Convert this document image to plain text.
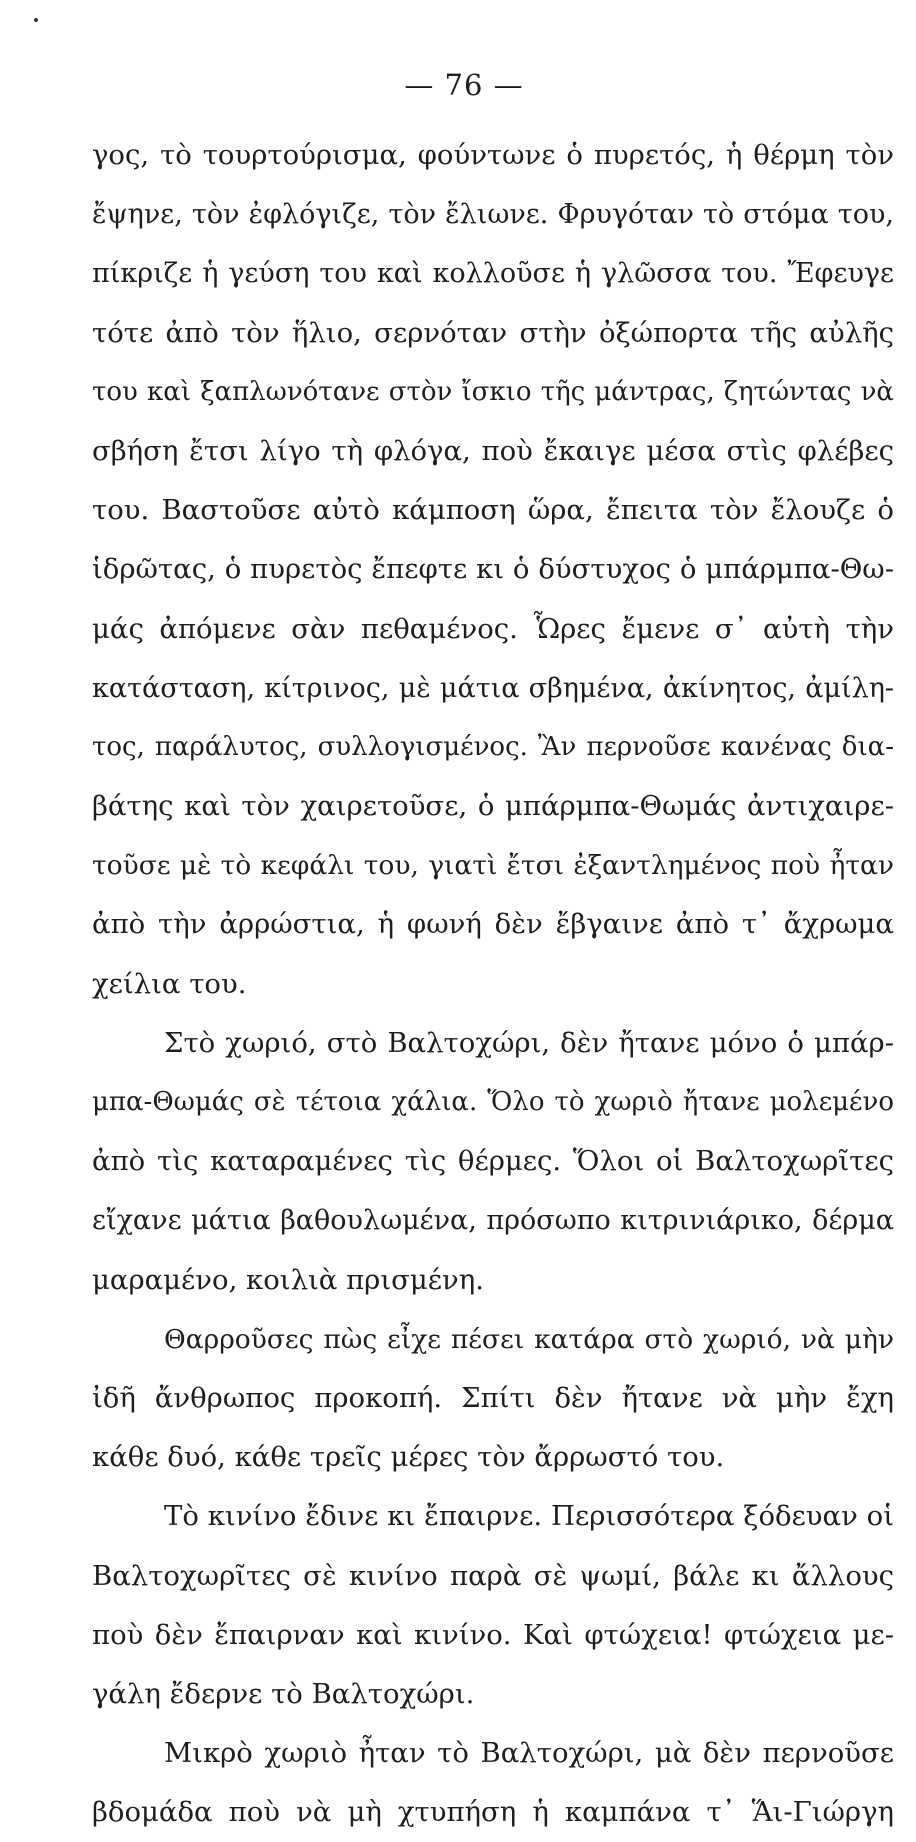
— 76 —
γος, τὸ τουρτούρισμα, φούντωνε ὁ πυρετός, ἡ θέρμη τὸν
ἔψηνε, τὸν ἐφλόγιζε, τὸν ἔλιωνε. Φρυγόταν τὸ στόμα του,
πίκριζε ἡ γεύση του καὶ κολλοῦσε ἡ γλῶσσα του. Ἔφευγε
τότε ἀπὸ τὸν ἥλιο, σερνόταν στὴν ὀξώπορτα τῆς αὐλῆς
του καὶ ξαπλωνότανε στὸν ἴσκιο τῆς μάντρας, ζητώντας νὰ
σβήση ἔτσι λίγο τὴ φλόγα, ποὺ ἔκαιγε μέσα στὶς φλέβες
του. Βαστοῦσε αὐτὸ κάμποση ὥρα, ἔπειτα τὸν ἔλουζε ὁ
ἱδρῶτας, ὁ πυρετὸς ἔπεφτε κι ὁ δύστυχος ὁ μπάρμπα-Θω-
μάς ἀπόμενε σὰν πεθαμένος. Ὧρες ἔμενε σ᾿ αὐτὴ τὴν
κατάσταση, κίτρινος, μὲ μάτια σβημένα, ἀκίνητος, ἀμίλη-
τος, παράλυτος, συλλογισμένος. Ἂν περνοῦσε κανένας δια-
βάτης καὶ τὸν χαιρετοῦσε, ὁ μπάρμπα-Θωμάς ἀντιχαιρε-
τοῦσε μὲ τὸ κεφάλι του, γιατὶ ἔτσι ἐξαντλημένος ποὺ ἦταν
ἀπὸ τὴν ἀρρώστια, ἡ φωνή δὲν ἔβγαινε ἀπὸ τ᾿ ἄχρωμα
χείλια του.
Στὸ χωριό, στὸ Βαλτοχώρι, δὲν ἤτανε μόνο ὁ μπάρ-
μπα-Θωμάς σὲ τέτοια χάλια. Ὅλο τὸ χωριὸ ἤτανε μολεμένο
ἀπὸ τὶς καταραμένες τὶς θέρμες. Ὅλοι οἱ Βαλτοχωρῖτες
εἴχανε μάτια βαθουλωμένα, πρόσωπο κιτρινιάρικο, δέρμα
μαραμένο, κοιλιὰ πρισμένη.
Θαρροῦσες πὼς εἶχε πέσει κατάρα στὸ χωριό, νὰ μὴν
ἰδῆ ἄνθρωπος προκοπή. Σπίτι δὲν ἤτανε νὰ μὴν ἔχη
κάθε δυό, κάθε τρεῖς μέρες τὸν ἄρρωστό του.
Τὸ κινίνο ἔδινε κι ἔπαιρνε. Περισσότερα ξόδευαν οἱ
Βαλτοχωρῖτες σὲ κινίνο παρὰ σὲ ψωμί, βάλε κι ἄλλους
ποὺ δὲν ἔπαιρναν καὶ κινίνο. Καὶ φτώχεια! φτώχεια με-
γάλη ἔδερνε τὸ Βαλτοχώρι.
Μικρὸ χωριὸ ἦταν τὸ Βαλτοχώρι, μὰ δὲν περνοῦσε
βδομάδα ποὺ νὰ μὴ χτυπήση ἡ καμπάνα τ᾿ Ἅι-Γιώργη
